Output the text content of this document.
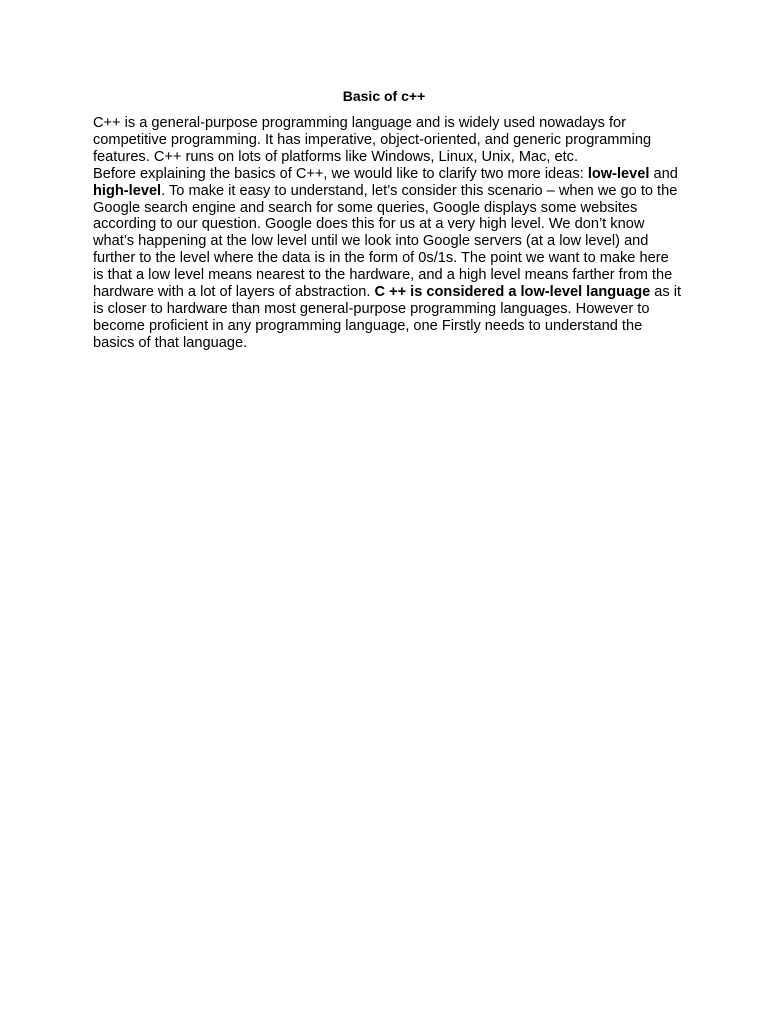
Basic of c++

C++ is a general-purpose programming language and is widely used nowadays for competitive programming. It has imperative, object-oriented, and generic programming features. C++ runs on lots of platforms like Windows, Linux, Unix, Mac, etc.

Before explaining the basics of C++, we would like to clarify two more ideas: low-level and high-level. To make it easy to understand, let’s consider this scenario – when we go to the Google search engine and search for some queries, Google displays some websites according to our question. Google does this for us at a very high level. We don’t know what’s happening at the low level until we look into Google servers (at a low level) and further to the level where the data is in the form of 0s/1s. The point we want to make here is that a low level means nearest to the hardware, and a high level means farther from the hardware with a lot of layers of abstraction. C ++ is considered a low-level language as it is closer to hardware than most general-purpose programming languages. However to become proficient in any programming language, one Firstly needs to understand the basics of that language.
